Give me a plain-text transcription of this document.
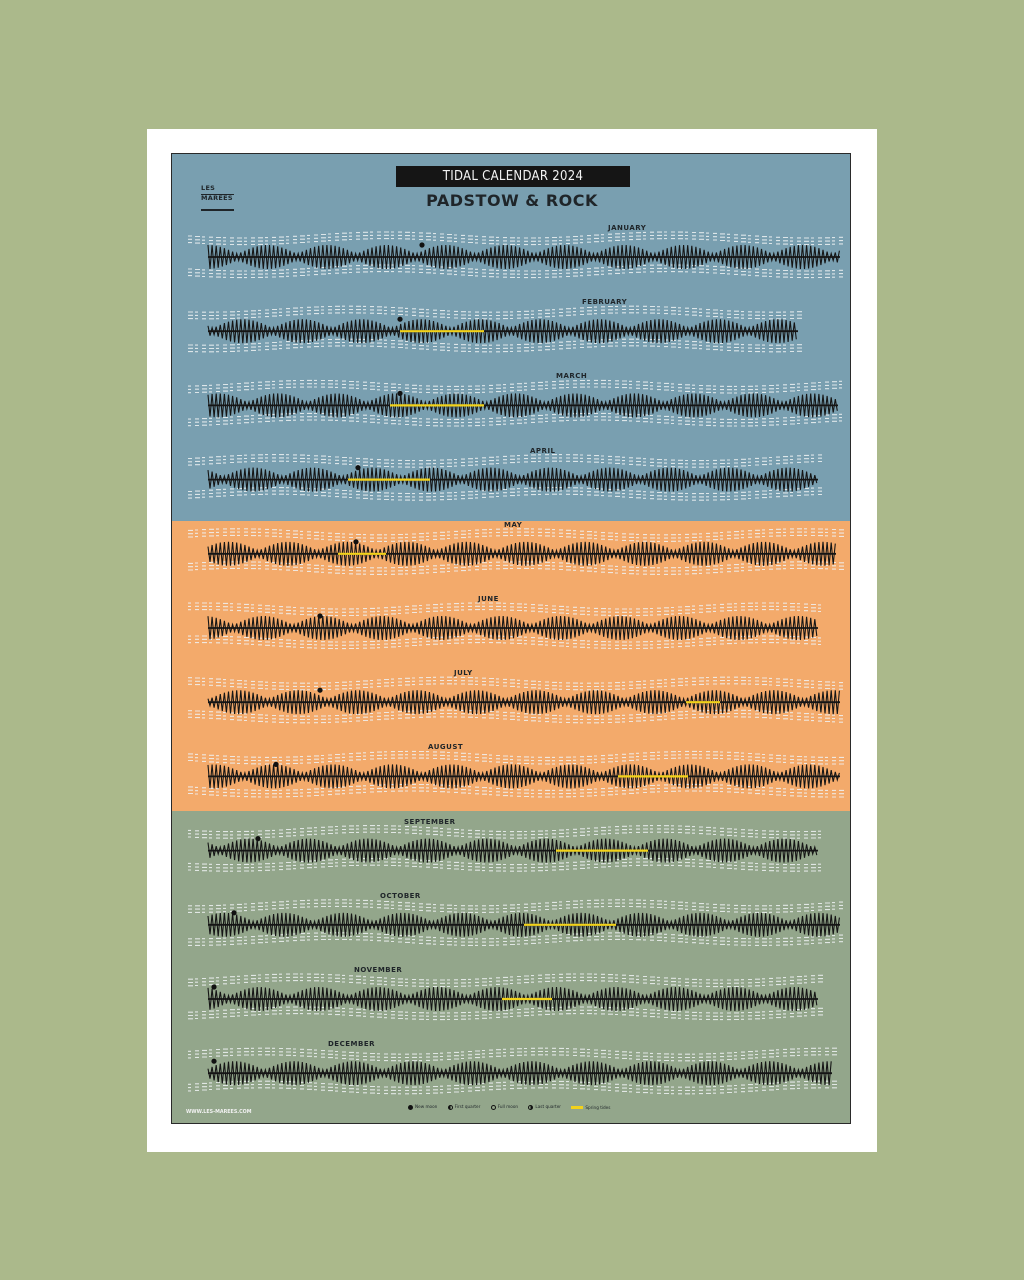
LES
MARÉES
TIDAL CALENDAR 2024
PADSTOW & ROCK
JANUARY
FEBRUARY
MARCH
APRIL
MAY
JUNE
JULY
AUGUST
SEPTEMBER
OCTOBER
NOVEMBER
DECEMBER
WWW.LES-MAREES.COM
New moon	First quarter	Full moon	Last quarter	Spring tides
